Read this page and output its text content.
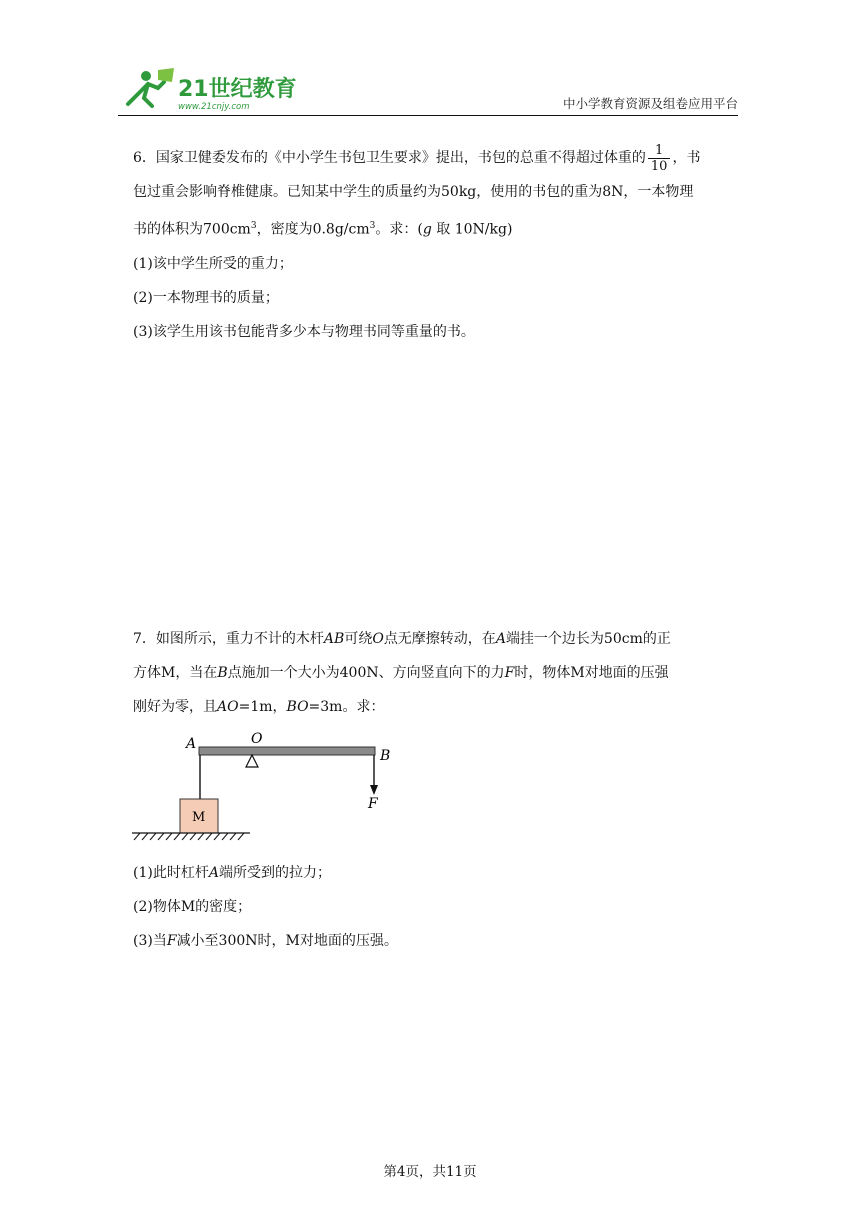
21世纪教育
www.21cnjy.com	中小学教育资源及组卷应用平台
6．国家卫健委发布的《中小学生书包卫生要求》提出，书包的总重不得超过体重的 $\frac{1}{10}$ ，书
包过重会影响脊椎健康。已知某中学生的质量约为50kg，使用的书包的重为8N，一本物理
书的体积为$700cm^3$，密度为$0.8g/cm^3$。求：(g 取 10N/kg)
(1)该中学生所受的重力；
(2)一本物理书的质量；
(3)该学生用该书包能背多少本与物理书同等重量的书。
7．如图所示，重力不计的木杆AB可绕O点无摩擦转动，在A端挂一个边长为50cm的正
方体M，当在B点施加一个大小为400N、方向竖直向下的力F时，物体M对地面的压强
刚好为零，且AO=1m，BO=3m。求：
A	O
B
F
M
(1)此时杠杆A端所受到的拉力；
(2)物体M的密度；
(3)当F减小至300N时，M对地面的压强。
第4页，共11页
